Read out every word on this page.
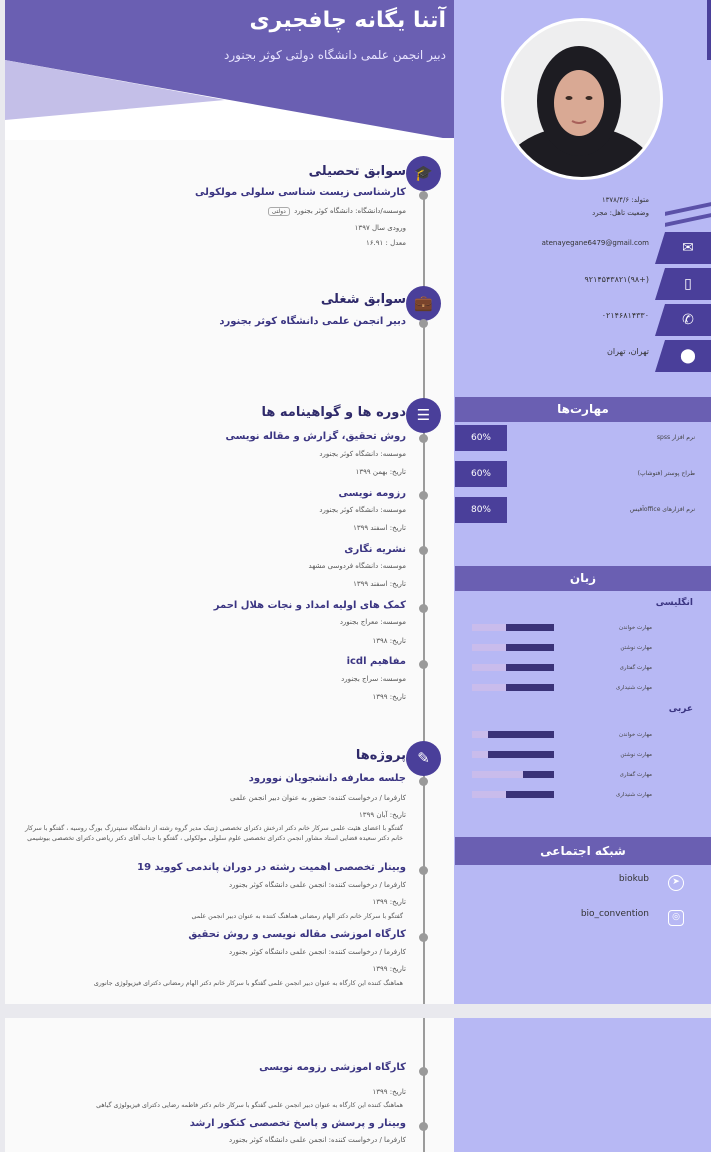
آتنا یگانه چافجیری
دبیر انجمن علمی دانشگاه دولتی کوثر بجنورد
🎓
سوابق تحصیلی
کارشناسی زیست شناسی سلولی مولکولی
موسسه/دانشگاه: دانشگاه کوثر بجنورد دولتی
ورودی سال ۱۳۹۷
معدل : ۱۶.۹۱
💼
سوابق شغلی
دبیر انجمن علمی دانشگاه کوثر بجنورد
☰
دوره ها و گواهینامه ها
روش تحقیق، گزارش و مقاله نویسی
موسسه: دانشگاه کوثر بجنورد
تاریخ: بهمن ۱۳۹۹
رزومه نویسی
موسسه: دانشگاه کوثر بجنورد
تاریخ: اسفند ۱۳۹۹
نشریه نگاری
موسسه: دانشگاه فردوسی مشهد
تاریخ: اسفند ۱۳۹۹
کمک های اولیه امداد و نجات هلال احمر
موسسه: معراج بجنورد
تاریخ: ۱۳۹۸
مفاهیم icdl
موسسه: سراج بجنورد
تاریخ: ۱۳۹۹
✎
پروژه‌ها
جلسه معارفه دانشجویان نوورود
کارفرما / درخواست کننده: حضور به عنوان دبیر انجمن علمی
تاریخ: آبان ۱۳۹۹
گفتگو با اعضای هئیت علمی سرکار خانم دکتر ادرخش دکترای تخصصی ژنتیک مدیر گروه رشته از دانشگاه سنپترزگ بورگ روسیه ، گفتگو با سرکار خانم دکتر سعیده قضایی استاد مشاور انجمن دکترای تخصصی علوم سلولی مولکولی ، گفتگو با جناب آقای دکتر ریاضی دکترای تخصصی بیوشیمی
وبینار تخصصی اهمیت رشته در دوران پاندمی کووید 19
کارفرما / درخواست کننده: انجمن علمی دانشگاه کوثر بجنورد
تاریخ: ۱۳۹۹
گفتگو با سرکار خانم دکتر الهام رمضانی هماهنگ کننده به عنوان دبیر انجمن علمی
کارگاه اموزشی مقاله نویسی و روش تحقیق
کارفرما / درخواست کننده: انجمن علمی دانشگاه کوثر بجنورد
تاریخ: ۱۳۹۹
هماهنگ کننده این کارگاه به عنوان دبیر انجمن علمی گفتگو با سرکار خانم دکتر الهام رمضانی دکترای فیزیولوژی جانوری
متولد: ۱۳۷۸/۴/۶
وضعیت تاهل: مجرد
atenayegane6479@gmail.com	✉
(+۹۸)۹۲۱۴۵۴۳۸۲۱	▯
۰۲۱۴۶۸۱۴۳۳۰	✆
تهران، تهران	⬤
مهارت‌ها
60%	نرم افزار spss
60%	طراح پوستر (فتوشاپ)
80%	نرم افزارهای officeآفیس
زبان
انگلیسی
مهارت خواندن
مهارت نوشتن
مهارت گفتاری
مهارت شنیداری
عربی
مهارت خواندن
مهارت نوشتن
مهارت گفتاری
مهارت شنیداری
شبکه اجتماعی
biokub	➤
bio_convention	◎
کارگاه اموزشی رزومه نویسی
تاریخ: ۱۳۹۹
هماهنگ کننده این کارگاه به عنوان دبیر انجمن علمی گفتگو با سرکار خانم دکتر فاطمه رضایی دکترای فیزیولوژی گیاهی
وبینار و پرسش و پاسخ تخصصی کنکور ارشد
کارفرما / درخواست کننده: انجمن علمی دانشگاه کوثر بجنورد
